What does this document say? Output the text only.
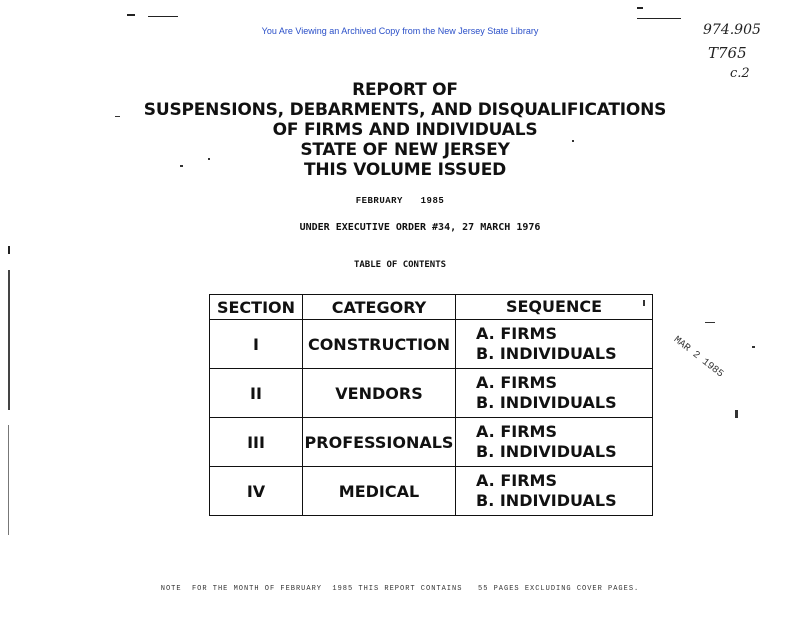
You Are Viewing an Archived Copy from the New Jersey State Library	974.905
T765
c.2
REPORT OF
SUSPENSIONS, DEBARMENTS, AND DISQUALIFICATIONS
OF FIRMS AND INDIVIDUALS
STATE OF NEW JERSEY
THIS VOLUME ISSUED
FEBRUARY   1985
UNDER EXECUTIVE ORDER #34, 27 MARCH 1976
TABLE OF CONTENTS
SECTION	CATEGORY	SEQUENCE
I	CONSTRUCTION	A. FIRMS
B. INDIVIDUALS

II	VENDORS	A. FIRMS
B. INDIVIDUALS

III	PROFESSIONALS	A. FIRMS
B. INDIVIDUALS

IV	MEDICAL	A. FIRMS
B. INDIVIDUALS
MAR 2 1985
NOTE  FOR THE MONTH OF FEBRUARY  1985 THIS REPORT CONTAINS   55 PAGES EXCLUDING COVER PAGES.
